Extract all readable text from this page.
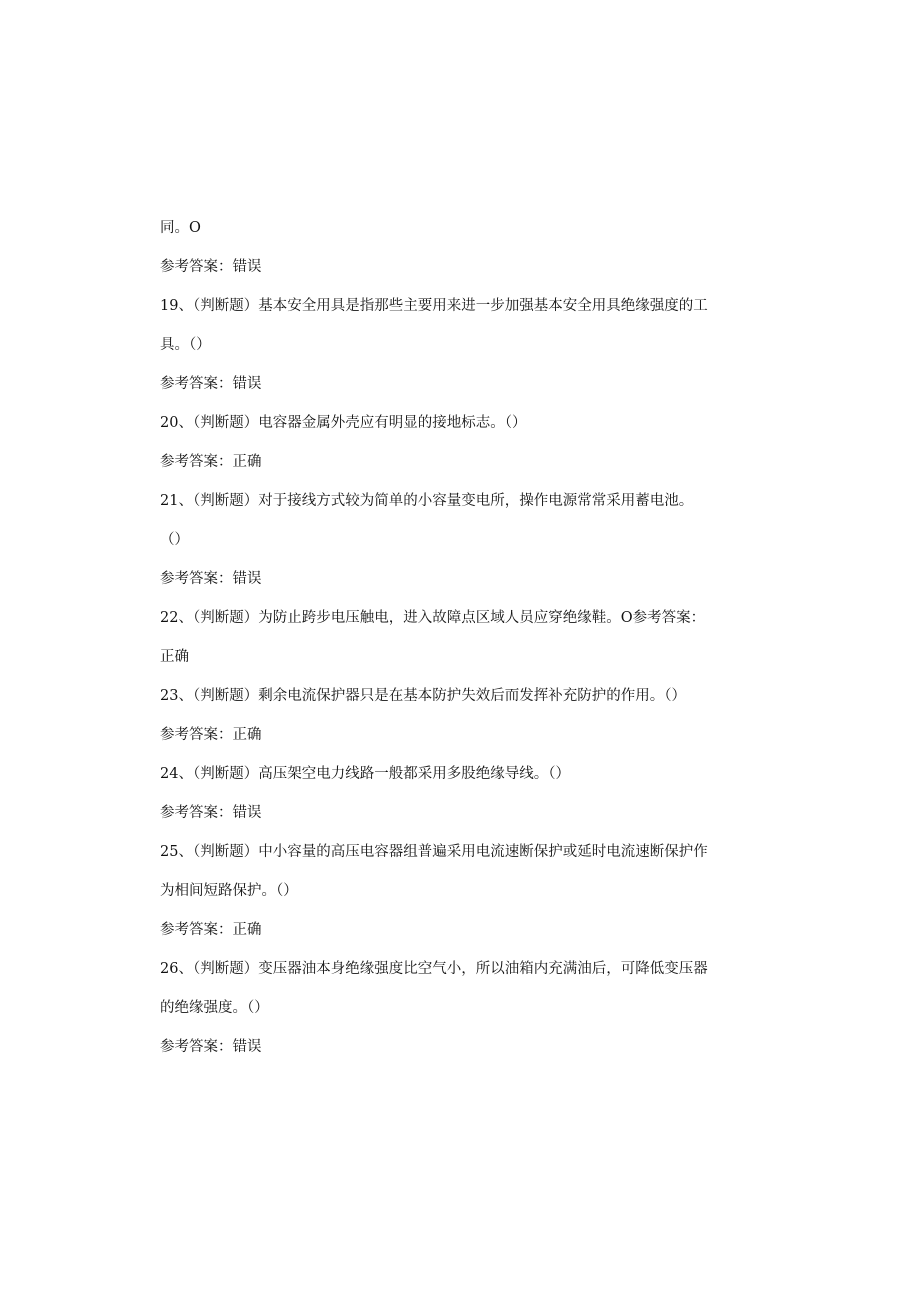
同。O
参考答案：错误
19、（判断题）基本安全用具是指那些主要用来进一步加强基本安全用具绝缘强度的工
具。（）
参考答案：错误
20、（判断题）电容器金属外壳应有明显的接地标志。（）
参考答案：正确
21、（判断题）对于接线方式较为简单的小容量变电所，操作电源常常采用蓄电池。
（）
参考答案：错误
22、（判断题）为防止跨步电压触电，进入故障点区域人员应穿绝缘鞋。O参考答案：
正确
23、（判断题）剩余电流保护器只是在基本防护失效后而发挥补充防护的作用。（）
参考答案：正确
24、（判断题）高压架空电力线路一般都采用多股绝缘导线。（）
参考答案：错误
25、（判断题）中小容量的高压电容器组普遍采用电流速断保护或延时电流速断保护作
为相间短路保护。（）
参考答案：正确
26、（判断题）变压器油本身绝缘强度比空气小，所以油箱内充满油后，可降低变压器
的绝缘强度。（）
参考答案：错误
